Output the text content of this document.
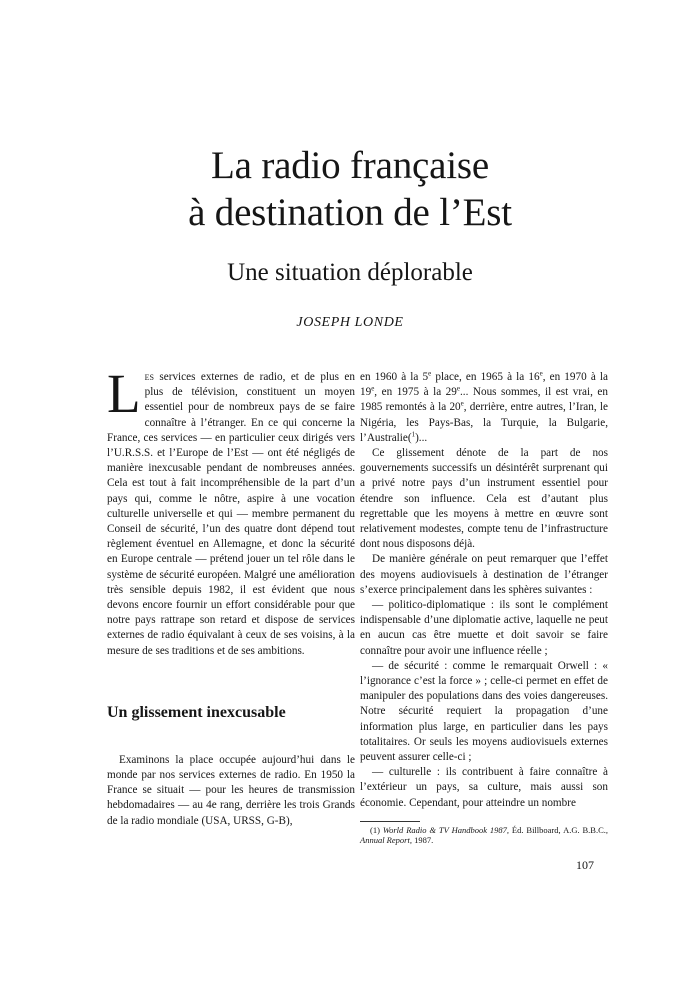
La radio française
à destination de l’Est
Une situation déplorable

JOSEPH LONDE

Les services externes de radio, et de plus en plus de télévision, constituent un moyen essentiel pour de nombreux pays de se faire connaître à l’étranger. En ce qui concerne la France, ces services — en particulier ceux dirigés vers l’U.R.S.S. et l’Europe de l’Est — ont été négligés de manière inexcusable pendant de nombreuses années. Cela est tout à fait incompréhensible de la part d’un pays qui, comme le nôtre, aspire à une vocation culturelle universelle et qui — membre permanent du Conseil de sécurité, l’un des quatre dont dépend tout règlement éventuel en Allemagne, et donc la sécurité en Europe centrale — prétend jouer un tel rôle dans le système de sécurité européen. Malgré une amélioration très sensible depuis 1982, il est évident que nous devons encore fournir un effort considérable pour que notre pays rattrape son retard et dispose de services externes de radio équivalant à ceux de ses voisins, à la mesure de ses traditions et de ses ambitions.

Un glissement inexcusable

Examinons la place occupée aujourd’hui dans le monde par nos services externes de radio. En 1950 la France se situait — pour les heures de transmission hebdomadaires — au 4e rang, derrière les trois Grands de la radio mondiale (USA, URSS, G-B),

en 1960 à la 5e place, en 1965 à la 16e, en 1970 à la 19e, en 1975 à la 29e... Nous sommes, il est vrai, en 1985 remontés à la 20e, derrière, entre autres, l’Iran, le Nigéria, les Pays-Bas, la Turquie, la Bulgarie, l’Australie($^1$)...

Ce glissement dénote de la part de nos gouvernements successifs un désintérêt surprenant qui a privé notre pays d’un instrument essentiel pour étendre son influence. Cela est d’autant plus regrettable que les moyens à mettre en œuvre sont relativement modestes, compte tenu de l’infrastructure dont nous disposons déjà.

De manière générale on peut remarquer que l’effet des moyens audiovisuels à destination de l’étranger s’exerce principalement dans les sphères suivantes :

— politico-diplomatique : ils sont le complément indispensable d’une diplomatie active, laquelle ne peut en aucun cas être muette et doit savoir se faire connaître pour avoir une influence réelle ;

— de sécurité : comme le remarquait Orwell : « l’ignorance c’est la force » ; celle-ci permet en effet de manipuler des populations dans des voies dangereuses. Notre sécurité requiert la propagation d’une information plus large, en particulier dans les pays totalitaires. Or seuls les moyens audiovisuels externes peuvent assurer celle-ci ;

— culturelle : ils contribuent à faire connaître à l’extérieur un pays, sa culture, mais aussi son économie. Cependant, pour atteindre un nombre

(1) World Radio & TV Handbook 1987, Éd. Billboard, A.G. B.B.C., Annual Report, 1987.

107
